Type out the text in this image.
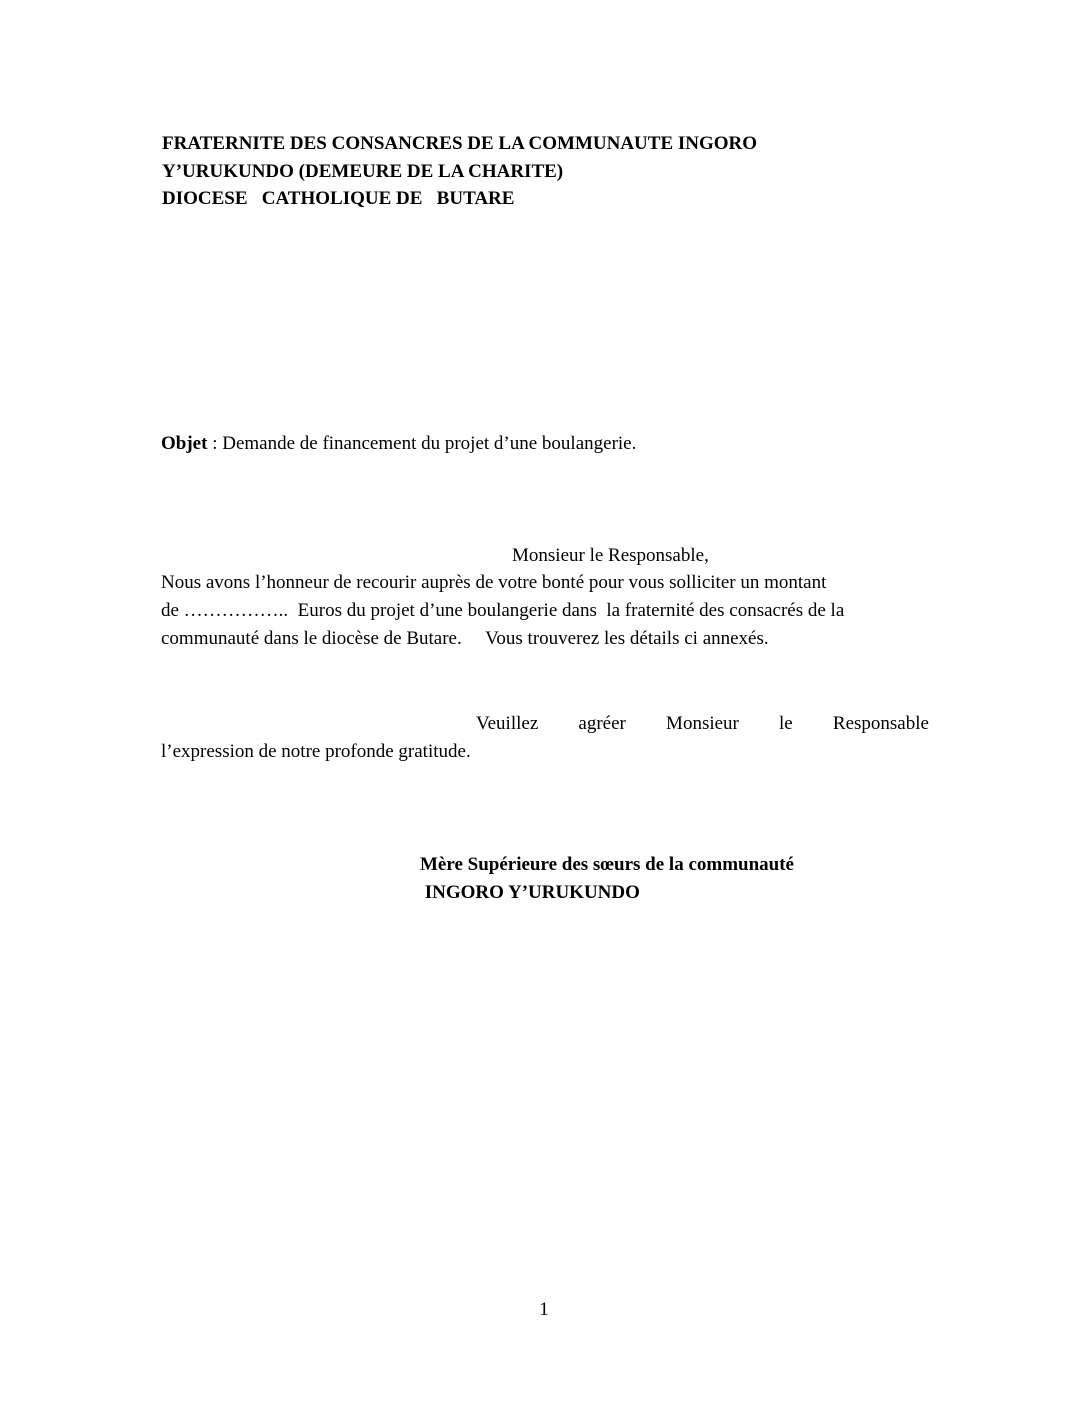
FRATERNITE DES CONSANCRES DE LA COMMUNAUTE INGORO
Y’URUKUNDO (DEMEURE DE LA CHARITE)
DIOCESE   CATHOLIQUE DE   BUTARE
Objet : Demande de financement du projet d’une boulangerie.
Monsieur le Responsable,
Nous avons l’honneur de recourir auprès de votre bonté pour vous solliciter un montant
de ……………..  Euros du projet d’une boulangerie dans  la fraternité des consacrés de la
communauté dans le diocèse de Butare.     Vous trouverez les détails ci annexés.
Veuillez agréer Monsieur le Responsable
l’expression de notre profonde gratitude.
Mère Supérieure des sœurs de la communauté
INGORO Y’URUKUNDO
1
